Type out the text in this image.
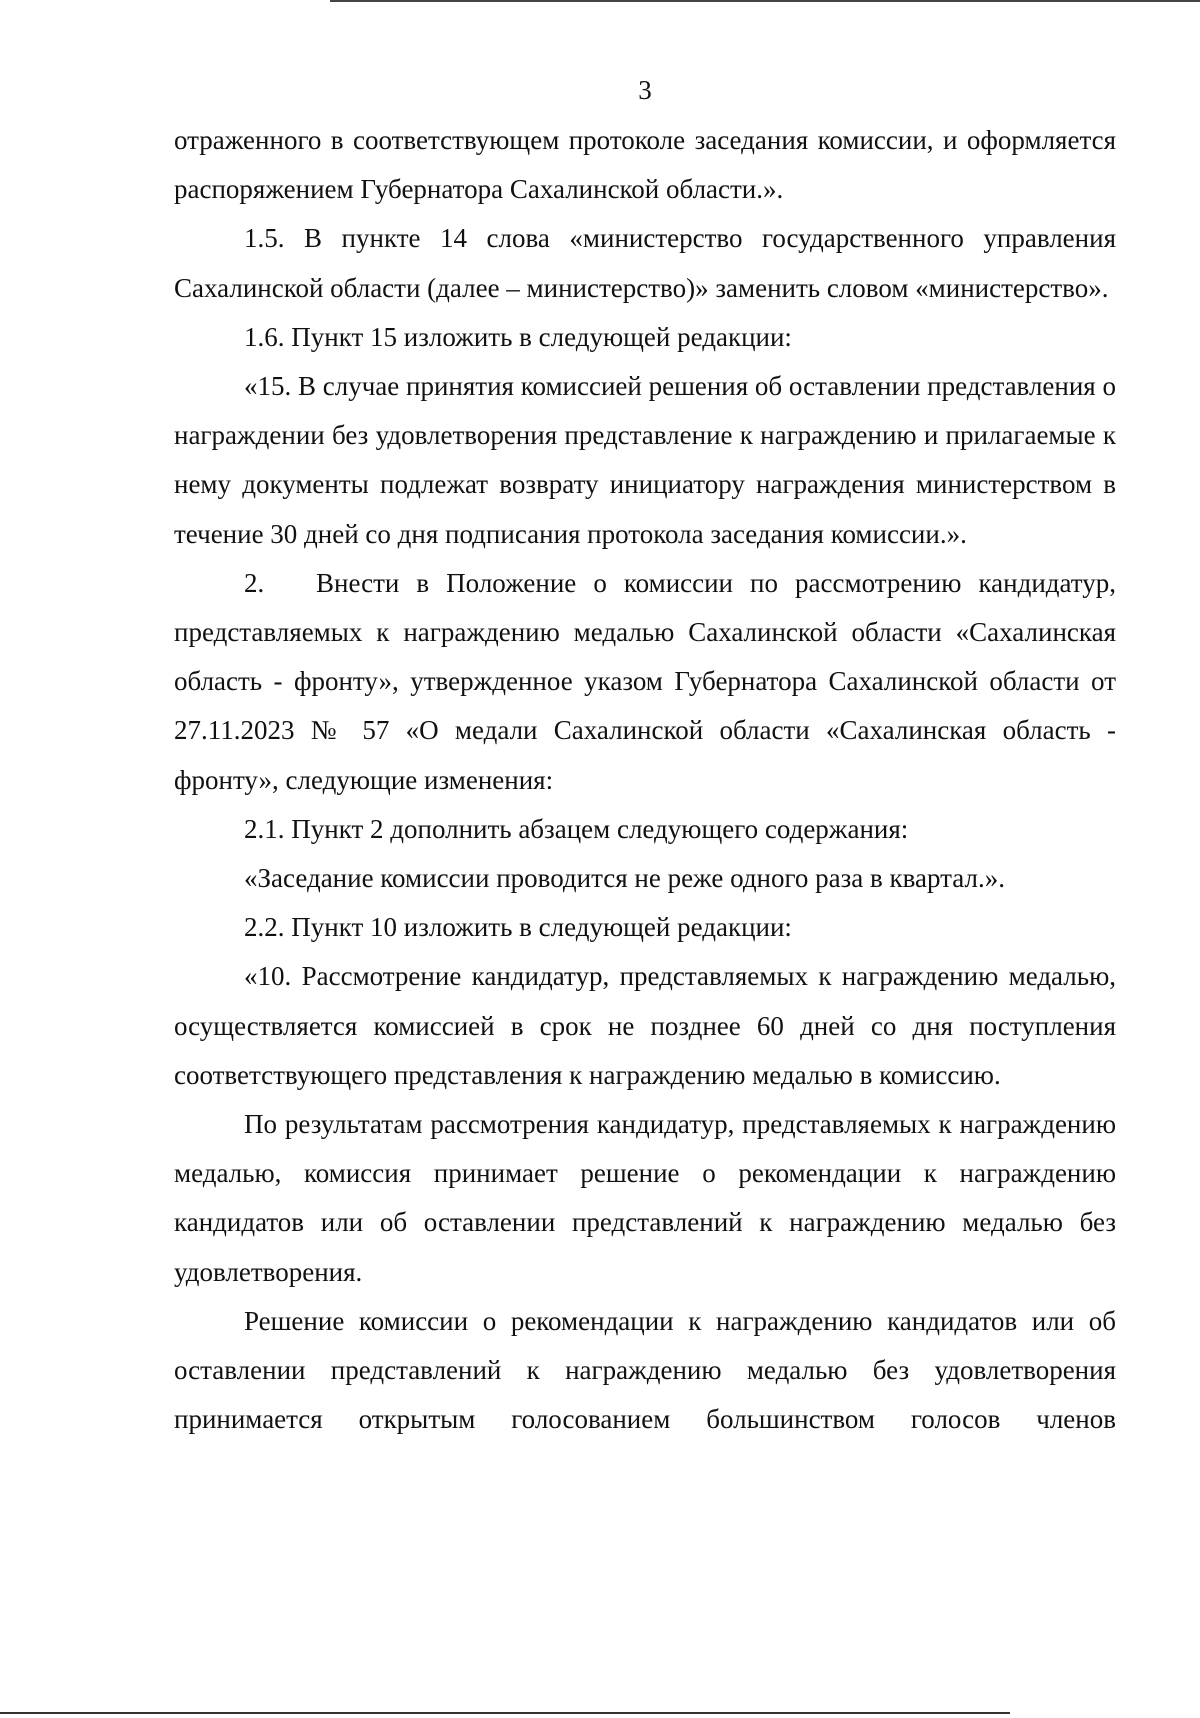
3

отраженного в соответствующем протоколе заседания комиссии, и оформляется распоряжением Губернатора Сахалинской области.».

1.5. В пункте 14 слова «министерство государственного управления Сахалинской области (далее – министерство)» заменить словом «министерство».

1.6. Пункт 15 изложить в следующей редакции:

«15. В случае принятия комиссией решения об оставлении представления о награждении без удовлетворения представление к награждению и прилагаемые к нему документы подлежат возврату инициатору награждения министерством в течение 30 дней со дня подписания протокола заседания комиссии.».

2. Внести в Положение о комиссии по рассмотрению кандидатур, представляемых к награждению медалью Сахалинской области «Сахалинская область - фронту», утвержденное указом Губернатора Сахалинской области от 27.11.2023 № 57 «О медали Сахалинской области «Сахалинская область - фронту», следующие изменения:

2.1. Пункт 2 дополнить абзацем следующего содержания:

«Заседание комиссии проводится не реже одного раза в квартал.».

2.2. Пункт 10 изложить в следующей редакции:

«10. Рассмотрение кандидатур, представляемых к награждению медалью, осуществляется комиссией в срок не позднее 60 дней со дня поступления соответствующего представления к награждению медалью в комиссию.

По результатам рассмотрения кандидатур, представляемых к награждению медалью, комиссия принимает решение о рекомендации к награждению кандидатов или об оставлении представлений к награждению медалью без удовлетворения.

Решение комиссии о рекомендации к награждению кандидатов или об оставлении представлений к награждению медалью без удовлетворения принимается открытым голосованием большинством голосов членов
